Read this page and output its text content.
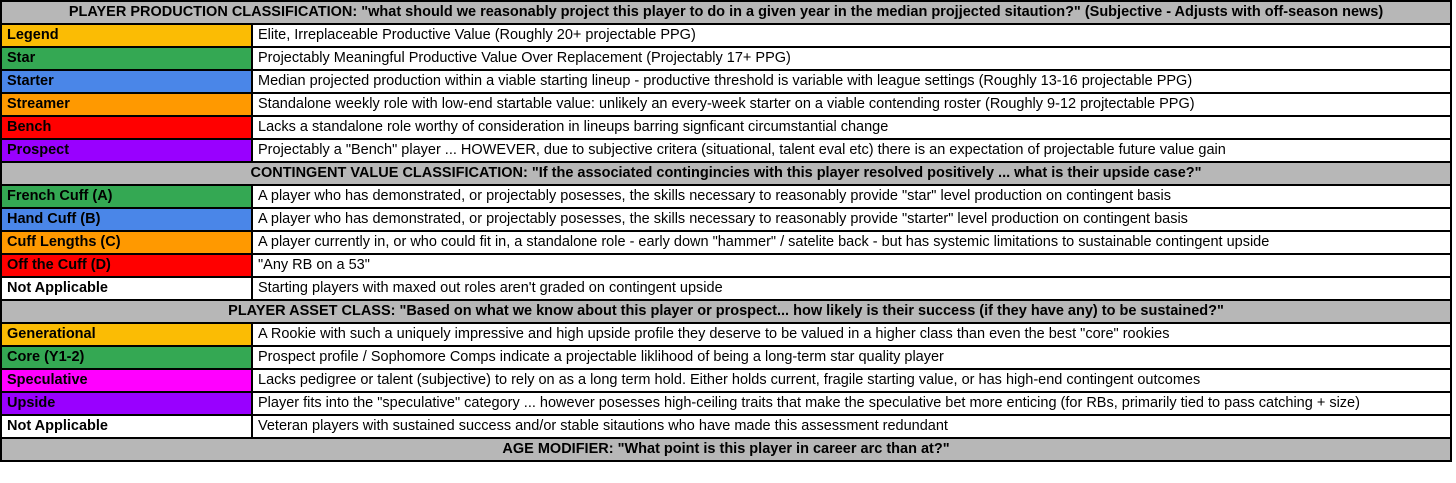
PLAYER PRODUCTION CLASSIFICATION: "what should we reasonably project this player to do in a given year in the median projjected sitaution?" (Subjective - Adjusts with off-season news)	
Legend	Elite, Irreplaceable Productive Value (Roughly 20+ projectable PPG)
Star	Projectably Meaningful Productive Value Over Replacement (Projectably 17+ PPG)
Starter	Median projected production within a viable starting lineup - productive threshold is variable with league settings (Roughly 13-16 projectable PPG)
Streamer	Standalone weekly role with low-end startable value: unlikely an every-week starter on a viable contending roster (Roughly 9-12 projtectable PPG)
Bench	Lacks a standalone role worthy of consideration in lineups barring signficant circumstantial change
Prospect	Projectably a "Bench" player ... HOWEVER, due to subjective critera (situational, talent eval etc) there is an expectation of projectable future value gain
CONTINGENT VALUE CLASSIFICATION: "If the associated contingincies with this player resolved positively ... what is their upside case?"	
French Cuff (A)	A player who has demonstrated, or projectably posesses, the skills necessary to reasonably provide "star" level production on contingent basis
Hand Cuff (B)	A player who has demonstrated, or projectably posesses, the skills necessary to reasonably provide "starter" level production on contingent basis
Cuff Lengths (C)	A player currently in, or who could fit in, a standalone role - early down "hammer" / satelite back - but has systemic limitations to sustainable contingent upside
Off the Cuff (D)	"Any RB on a 53"
Not Applicable	Starting players with maxed out roles aren't graded on contingent upside
PLAYER ASSET CLASS: "Based on what we know about this player or prospect... how likely is their success (if they have any) to be sustained?"	
Generational	A Rookie with such a uniquely impressive and high upside profile they deserve to be valued in a higher class than even the best "core" rookies
Core (Y1-2)	Prospect profile / Sophomore Comps indicate a projectable liklihood of being a long-term star quality player
Speculative	Lacks pedigree or talent (subjective) to rely on as a long term hold. Either holds current, fragile starting value, or has high-end contingent outcomes
Upside	Player fits into the "speculative" category ... however posesses high-ceiling traits that make the speculative bet more enticing (for RBs, primarily tied to pass catching + size)
Not Applicable	Veteran players with sustained success and/or stable sitautions who have made this assessment redundant
AGE MODIFIER: "What point is this player in career arc than at?"	
